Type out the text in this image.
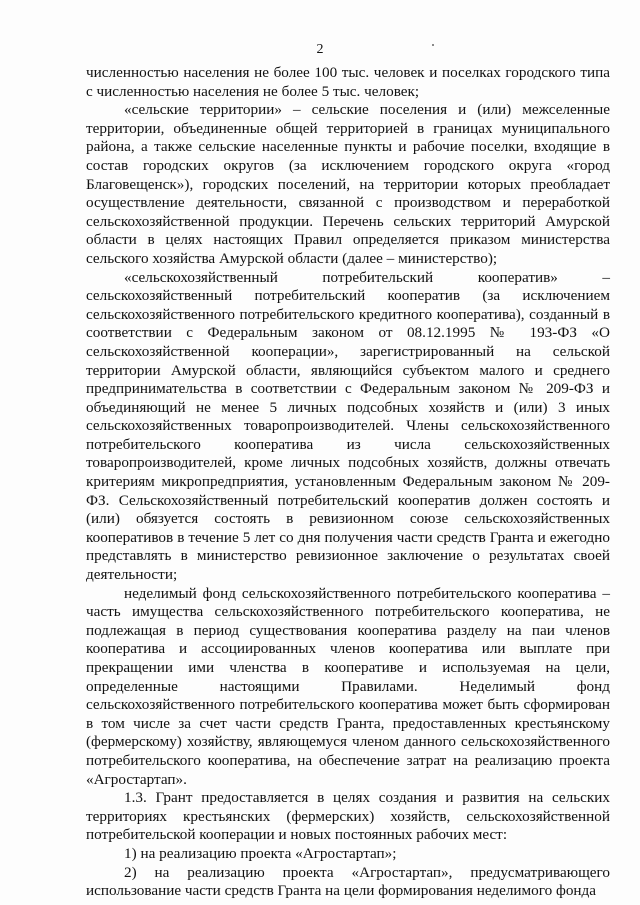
2

численностью населения не более 100 тыс. человек и поселках городского типа с численностью населения не более 5 тыс. человек;

«сельские территории» – сельские поселения и (или) межселенные территории, объединенные общей территорией в границах муниципального района, а также сельские населенные пункты и рабочие поселки, входящие в состав городских округов (за исключением городского округа «город Благовещенск»), городских поселений, на территории которых преобладает осуществление деятельности, связанной с производством и переработкой сельскохозяйственной продукции. Перечень сельских территорий Амурской области в целях настоящих Правил определяется приказом министерства сельского хозяйства Амурской области (далее – министерство);

«сельскохозяйственный потребительский кооператив» – сельскохозяйственный потребительский кооператив (за исключением сельскохозяйственного потребительского кредитного кооператива), созданный в соответствии с Федеральным законом от 08.12.1995 № 193-ФЗ «О сельскохозяйственной кооперации», зарегистрированный на сельской территории Амурской области, являющийся субъектом малого и среднего предпринимательства в соответствии с Федеральным законом № 209-ФЗ и объединяющий не менее 5 личных подсобных хозяйств и (или) 3 иных сельскохозяйственных товаропроизводителей. Члены сельскохозяйственного потребительского кооператива из числа сельскохозяйственных товаропроизводителей, кроме личных подсобных хозяйств, должны отвечать критериям микропредприятия, установленным Федеральным законом № 209-ФЗ. Сельскохозяйственный потребительский кооператив должен состоять и (или) обязуется состоять в ревизионном союзе сельскохозяйственных кооперативов в течение 5 лет со дня получения части средств Гранта и ежегодно представлять в министерство ревизионное заключение о результатах своей деятельности;

неделимый фонд сельскохозяйственного потребительского кооператива – часть имущества сельскохозяйственного потребительского кооператива, не подлежащая в период существования кооператива разделу на паи членов кооператива и ассоциированных членов кооператива или выплате при прекращении ими членства в кооперативе и используемая на цели, определенные настоящими Правилами. Неделимый фонд сельскохозяйственного потребительского кооператива может быть сформирован в том числе за счет части средств Гранта, предоставленных крестьянскому (фермерскому) хозяйству, являющемуся членом данного сельскохозяйственного потребительского кооператива, на обеспечение затрат на реализацию проекта «Агростартап».

1.3. Грант предоставляется в целях создания и развития на сельских территориях крестьянских (фермерских) хозяйств, сельскохозяйственной потребительской кооперации и новых постоянных рабочих мест:

1) на реализацию проекта «Агростартап»;

2) на реализацию проекта «Агростартап», предусматривающего использование части средств Гранта на цели формирования неделимого фонда
